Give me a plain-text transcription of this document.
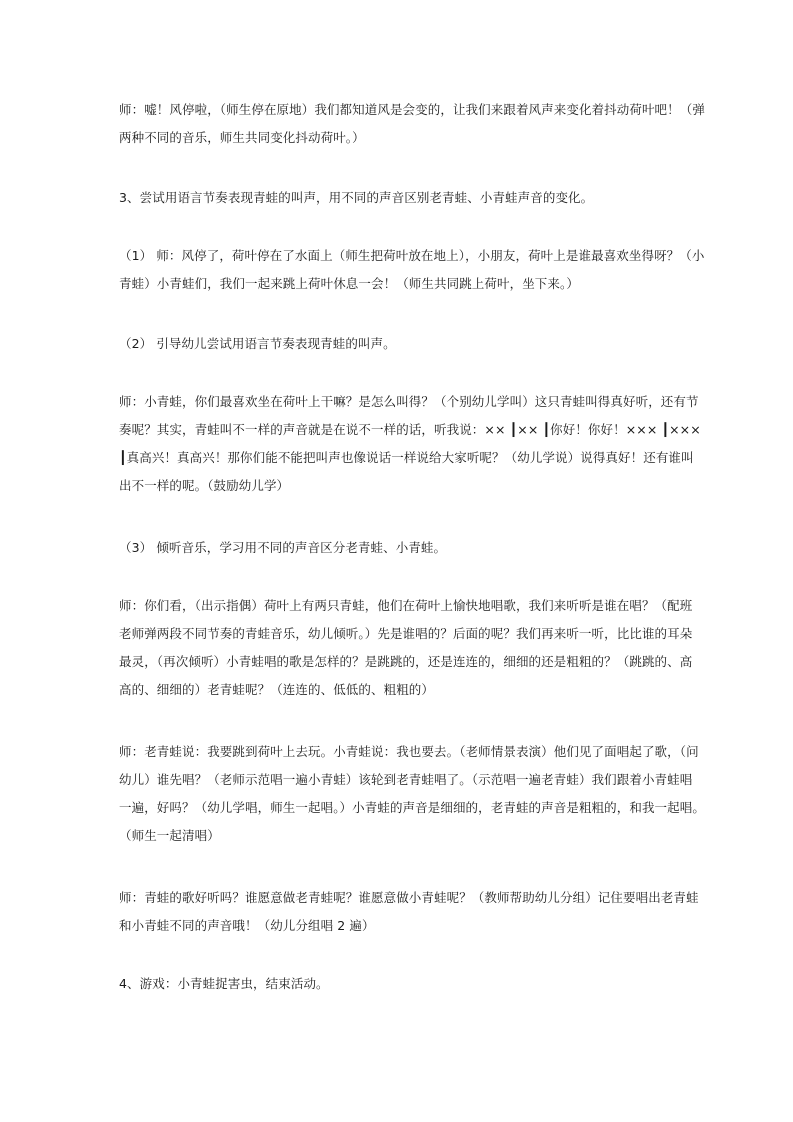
师：嘘！风停啦，（师生停在原地）我们都知道风是会变的，让我们来跟着风声来变化着抖动荷叶吧！（弹
两种不同的音乐，师生共同变化抖动荷叶。）

3、尝试用语言节奏表现青蛙的叫声，用不同的声音区别老青蛙、小青蛙声音的变化。

（1） 师：风停了，荷叶停在了水面上（师生把荷叶放在地上），小朋友，荷叶上是谁最喜欢坐得呀？（小
青蛙）小青蛙们，我们一起来跳上荷叶休息一会！（师生共同跳上荷叶，坐下来。）

（2） 引导幼儿尝试用语言节奏表现青蛙的叫声。

师：小青蛙，你们最喜欢坐在荷叶上干嘛？是怎么叫得？（个别幼儿学叫）这只青蛙叫得真好听，还有节
奏呢？其实，青蛙叫不一样的声音就是在说不一样的话，听我说：×× ┃×× ┃你好！你好！××× ┃×××
┃真高兴！真高兴！那你们能不能把叫声也像说话一样说给大家听呢？（幼儿学说）说得真好！还有谁叫
出不一样的呢。（鼓励幼儿学）

（3） 倾听音乐，学习用不同的声音区分老青蛙、小青蛙。

师：你们看，（出示指偶）荷叶上有两只青蛙，他们在荷叶上愉快地唱歌，我们来听听是谁在唱？（配班
老师弹两段不同节奏的青蛙音乐，幼儿倾听。）先是谁唱的？后面的呢？我们再来听一听，比比谁的耳朵
最灵，（再次倾听）小青蛙唱的歌是怎样的？是跳跳的，还是连连的，细细的还是粗粗的？（跳跳的、高
高的、细细的）老青蛙呢？（连连的、低低的、粗粗的）

师：老青蛙说：我要跳到荷叶上去玩。小青蛙说：我也要去。（老师情景表演）他们见了面唱起了歌，（问
幼儿）谁先唱？（老师示范唱一遍小青蛙）该轮到老青蛙唱了。（示范唱一遍老青蛙）我们跟着小青蛙唱
一遍，好吗？（幼儿学唱，师生一起唱。）小青蛙的声音是细细的，老青蛙的声音是粗粗的，和我一起唱。
（师生一起清唱）

师：青蛙的歌好听吗？谁愿意做老青蛙呢？谁愿意做小青蛙呢？（教师帮助幼儿分组）记住要唱出老青蛙
和小青蛙不同的声音哦！（幼儿分组唱 2 遍）

4、游戏：小青蛙捉害虫，结束活动。
